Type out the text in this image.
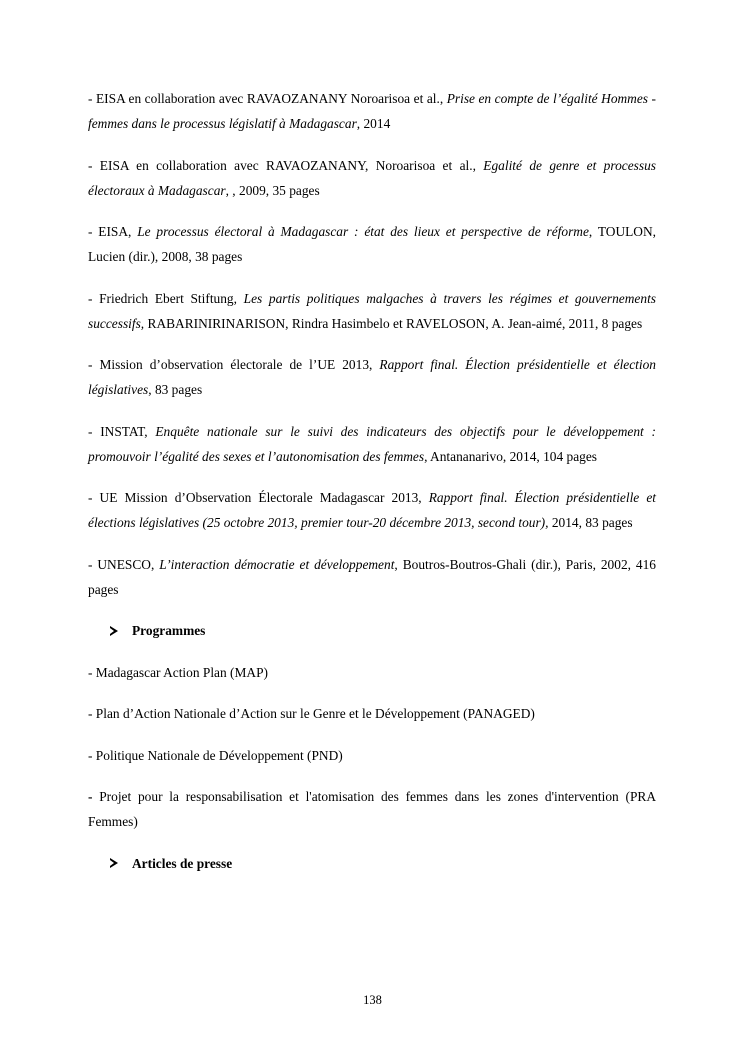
- EISA en collaboration avec RAVAOZANANY Noroarisoa et al., Prise en compte de l’égalité Hommes -femmes dans le processus législatif à Madagascar, 2014

- EISA en collaboration avec RAVAOZANANY, Noroarisoa et al., Egalité de genre et processus électoraux à Madagascar, , 2009, 35 pages

- EISA, Le processus électoral à Madagascar : état des lieux et perspective de réforme, TOULON, Lucien (dir.), 2008, 38 pages

- Friedrich Ebert Stiftung, Les partis politiques malgaches à travers les régimes et gouvernements successifs, RABARINIRINARISON, Rindra Hasimbelo et RAVELOSON, A. Jean-aimé, 2011, 8 pages

- Mission d’observation électorale de l’UE 2013, Rapport final. Élection présidentielle et élection législatives, 83 pages

- INSTAT, Enquête nationale sur le suivi des indicateurs des objectifs pour le développement : promouvoir l’égalité des sexes et l’autonomisation des femmes, Antananarivo, 2014, 104 pages

- UE Mission d’Observation Électorale Madagascar 2013, Rapport final. Élection présidentielle et élections législatives (25 octobre 2013, premier tour-20 décembre 2013, second tour), 2014, 83 pages

- UNESCO, L’interaction démocratie et développement, Boutros-Boutros-Ghali (dir.), Paris, 2002, 416 pages

Programmes

- Madagascar Action Plan (MAP)

- Plan d’Action Nationale d’Action sur le Genre et le Développement (PANAGED)

- Politique Nationale de Développement (PND)

- Projet pour la responsabilisation et l'atomisation des femmes dans les zones d'intervention (PRA Femmes)

Articles de presse
138
